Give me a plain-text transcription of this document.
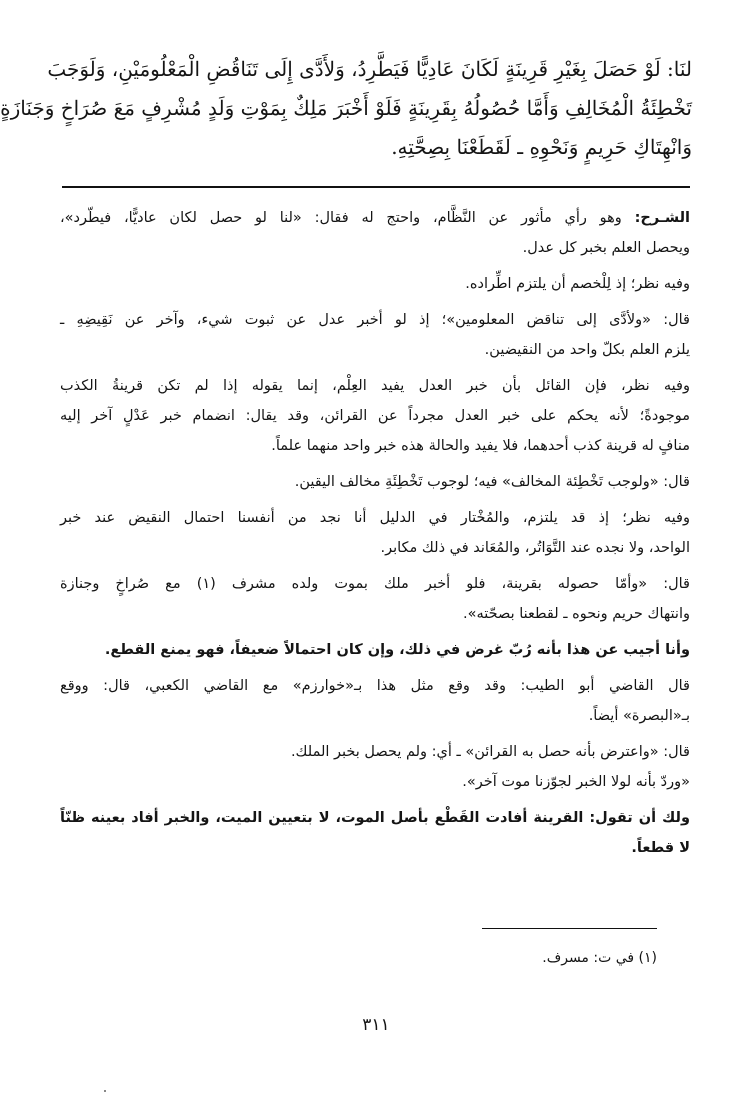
لنَا: لَوْ حَصَلَ بِغَيْرِ قَرِينَةٍ لَكَانَ عَادِيًّا فَيَطَّرِدُ، وَلأَدَّى إِلَى تَنَاقُضِ الْمَعْلُومَيْنِ، وَلَوَجَبَ
تَخْطِئَةُ الْمُخَالِفِ وَأَمَّا حُصُولُهُ بِقَرِينَةٍ فَلَوْ أَخْبَرَ مَلِكٌ بِمَوْتِ وَلَدٍ مُشْرِفٍ مَعَ صُرَاخٍ وَجَنَازَةٍ
وَانْهِتَاكِ حَرِيمٍ وَنَحْوِهِ ـ لَقَطَعْنَا بِصِحَّتِهِ.

الشـرح: وهو رأي مأثور عن النَّظَّام، واحتج له فقال: «لنا لو حصل لكان عاديًّا، فيطّرد»،
ويحصل العلم بخبر كل عدل.

وفيه نظر؛ إذ لِلْخصم أن يلتزم اطِّراده.

قال: «ولأدَّى إلى تناقض المعلومين»؛ إذ لو أخبر عدل عن ثبوت شيء، وآخر عن نَقِيضِهِ ـ
يلزم العلم بكلّ واحد من النقيضين.

وفيه نظر، فإن القائل بأن خبر العدل يفيد العِلْم، إنما يقوله إذا لم تكن قرينةُ الكذب
موجودةً؛ لأنه يحكم على خبر العدل مجرداً عن القرائن، وقد يقال: انضمام خبر عَدْلٍ آخر إليه
منافٍ له قرينة كذب أحدهما، فلا يفيد والحالة هذه خبر واحد منهما علماً.

قال: «ولوجب تَخْطِئة المخالف» فيه؛ لوجوب تَخْطِئَةِ مخالف اليقين.

وفيه نظر؛ إذ قد يلتزم، والمُخْتار في الدليل أنا نجد من أنفسنا احتمال النقيض عند خبر
الواحد، ولا نجده عند التَّوَاتُر، والمُعَاند في ذلك مكابر.

قال: «وأمّا حصوله بقرينة، فلو أخبر ملك بموت ولده مشرف (١) مع صُراخٍ وجنازة
وانتهاك حريم ونحوه ـ لقطعنا بصحّته».

وأنا أجيب عن هذا بأنه رُبّ غرض في ذلك، وإن كان احتمالاً ضعيفاً، فهو يمنع القطع.

قال القاضي أبو الطيب: وقد وقع مثل هذا بـ«خوارزم» مع القاضي الكعبي، قال: ووقع
بـ«البصرة» أيضاً.

قال: «واعترض بأنه حصل به القرائن» ـ أي: ولم يحصل بخبر الملك.
«وردّ بأنه لولا الخبر لجوّزنا موت آخر».

ولك أن تقول: القرينة أفادت القَطْع بأصل الموت، لا بتعيين الميت، والخبر أفاد بعينه ظنّاً
لا قطعاً.

(١) في ت: مسرف.
٣١١
